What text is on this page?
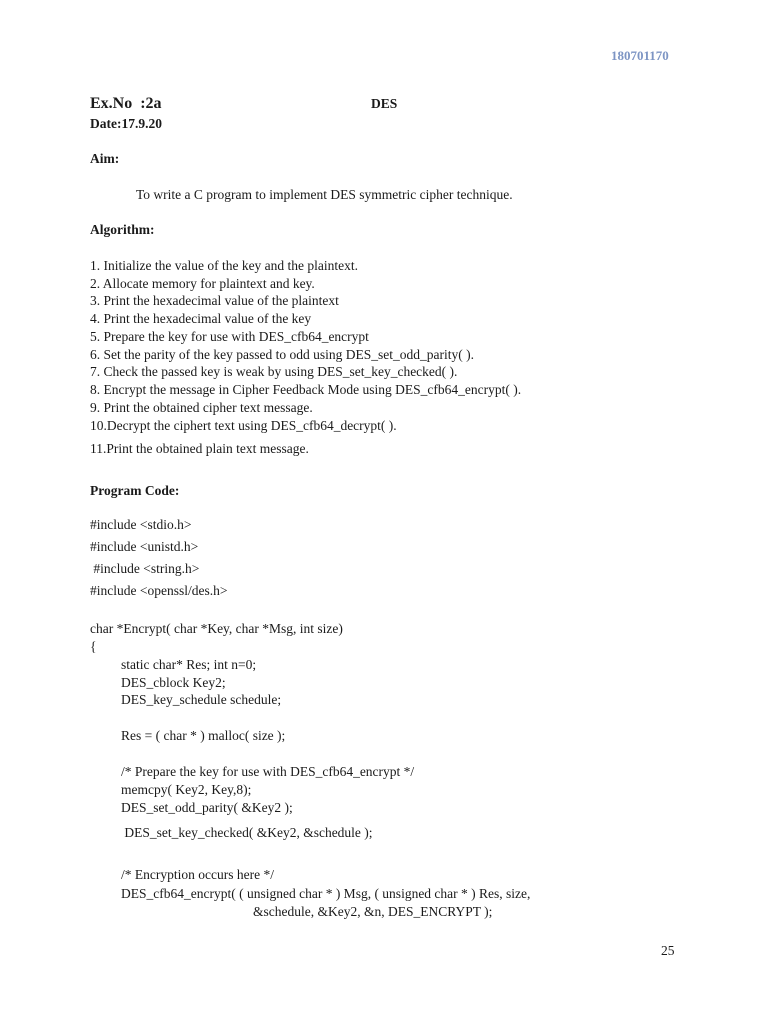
180701170
Ex.No  :2a	DES
Date:17.9.20
Aim:
To write a C program to implement DES symmetric cipher technique.
Algorithm:
1. Initialize the value of the key and the plaintext.
2. Allocate memory for plaintext and key.
3. Print the hexadecimal value of the plaintext
4. Print the hexadecimal value of the key
5. Prepare the key for use with DES_cfb64_encrypt
6. Set the parity of the key passed to odd using DES_set_odd_parity( ).
7. Check the passed key is weak by using DES_set_key_checked( ).
8. Encrypt the message in Cipher Feedback Mode using DES_cfb64_encrypt( ).
9. Print the obtained cipher text message.
10.Decrypt the ciphert text using DES_cfb64_decrypt( ).
11.Print the obtained plain text message.
Program Code:
#include <stdio.h>
#include <unistd.h>
#include <string.h>
#include <openssl/des.h>
char *Encrypt( char *Key, char *Msg, int size)
{
static char* Res; int n=0;
DES_cblock Key2;
DES_key_schedule schedule;
Res = ( char * ) malloc( size );
/* Prepare the key for use with DES_cfb64_encrypt */
memcpy( Key2, Key,8);
DES_set_odd_parity( &Key2 );
DES_set_key_checked( &Key2, &schedule );
/* Encryption occurs here */
DES_cfb64_encrypt( ( unsigned char * ) Msg, ( unsigned char * ) Res, size,
&schedule, &Key2, &n, DES_ENCRYPT );
25
